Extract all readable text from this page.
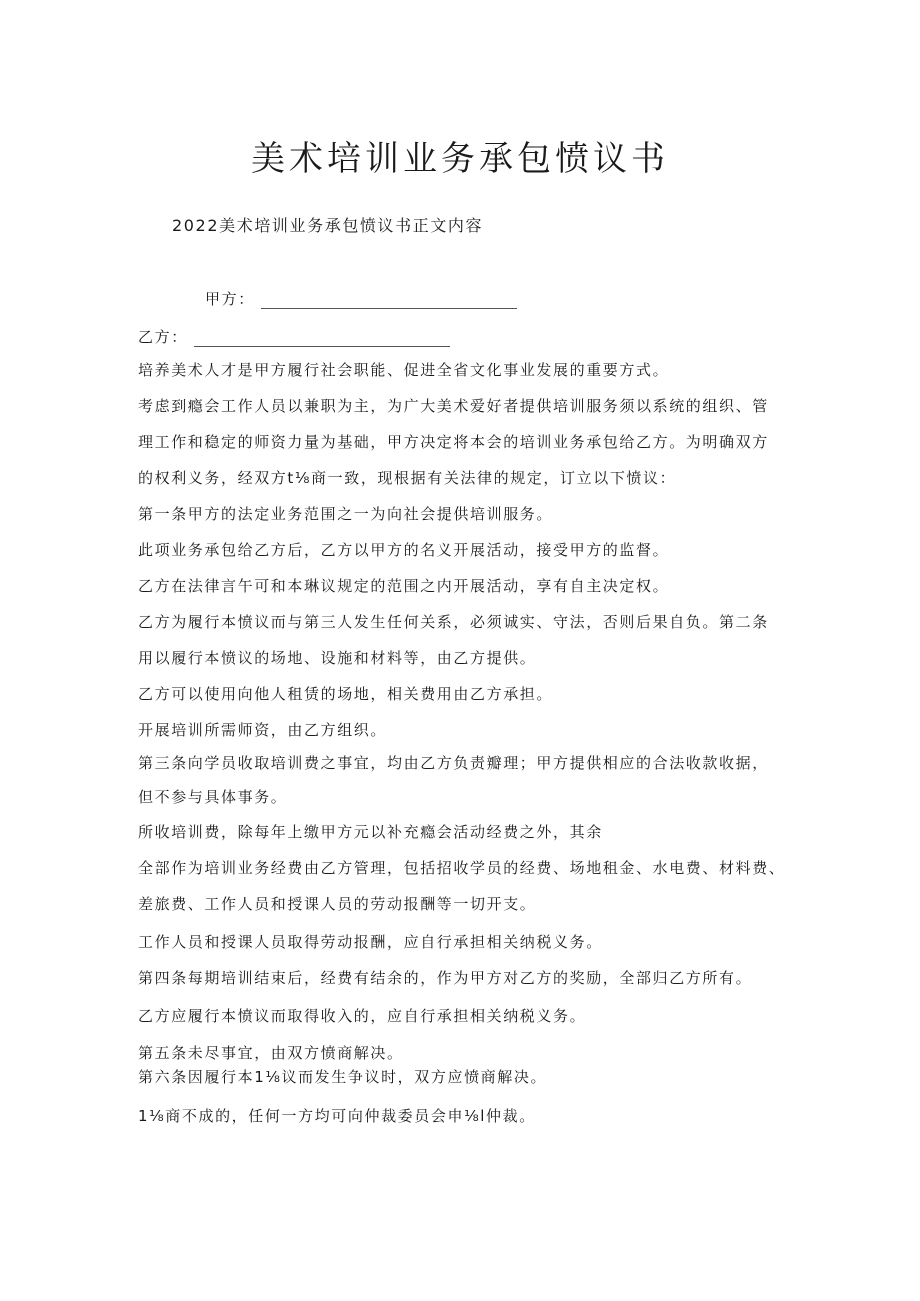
美术培训业务承包愤议书
2022美术培训业务承包愤议书正文内容
甲方：
乙方：
培养美术人才是甲方履行社会职能、促进全省文化事业发展的重要方式。
考虑到瘾会工作人员以兼职为主，为广大美术爱好者提供培训服务须以系统的组织、管
理工作和稳定的师资力量为基础，甲方决定将本会的培训业务承包给乙方。为明确双方
的权利义务，经双方t⅛商一致，现根据有关法律的规定，订立以下愤议：
第一条甲方的法定业务范围之一为向社会提供培训服务。
此项业务承包给乙方后，乙方以甲方的名义开展活动，接受甲方的监督。
乙方在法律言午可和本琳议规定的范围之内开展活动，享有自主决定权。
乙方为履行本愤议而与第三人发生任何关系，必须诚实、守法，否则后果自负。第二条
用以履行本愤议的场地、设施和材料等，由乙方提供。
乙方可以使用向他人租赁的场地，相关费用由乙方承担。
开展培训所需师资，由乙方组织。
第三条向学员收取培训费之事宜，均由乙方负责瓣理；甲方提供相应的合法收款收据，
但不参与具体事务。
所收培训费，除每年上缴甲方元以补充瘾会活动经费之外，其余
全部作为培训业务经费由乙方管理，包括招收学员的经费、场地租金、水电费、材料费、
差旅费、工作人员和授课人员的劳动报酬等一切开支。
工作人员和授课人员取得劳动报酬，应自行承担相关纳税义务。
第四条每期培训结束后，经费有结余的，作为甲方对乙方的奖励，全部归乙方所有。
乙方应履行本愤议而取得收入的，应自行承担相关纳税义务。
第五条未尽事宜，由双方愤商解决。
第六条因履行本1⅛议而发生争议时，双方应愤商解决。
1⅛商不成的，任何一方均可向仲裁委员会申⅛l仲裁。
